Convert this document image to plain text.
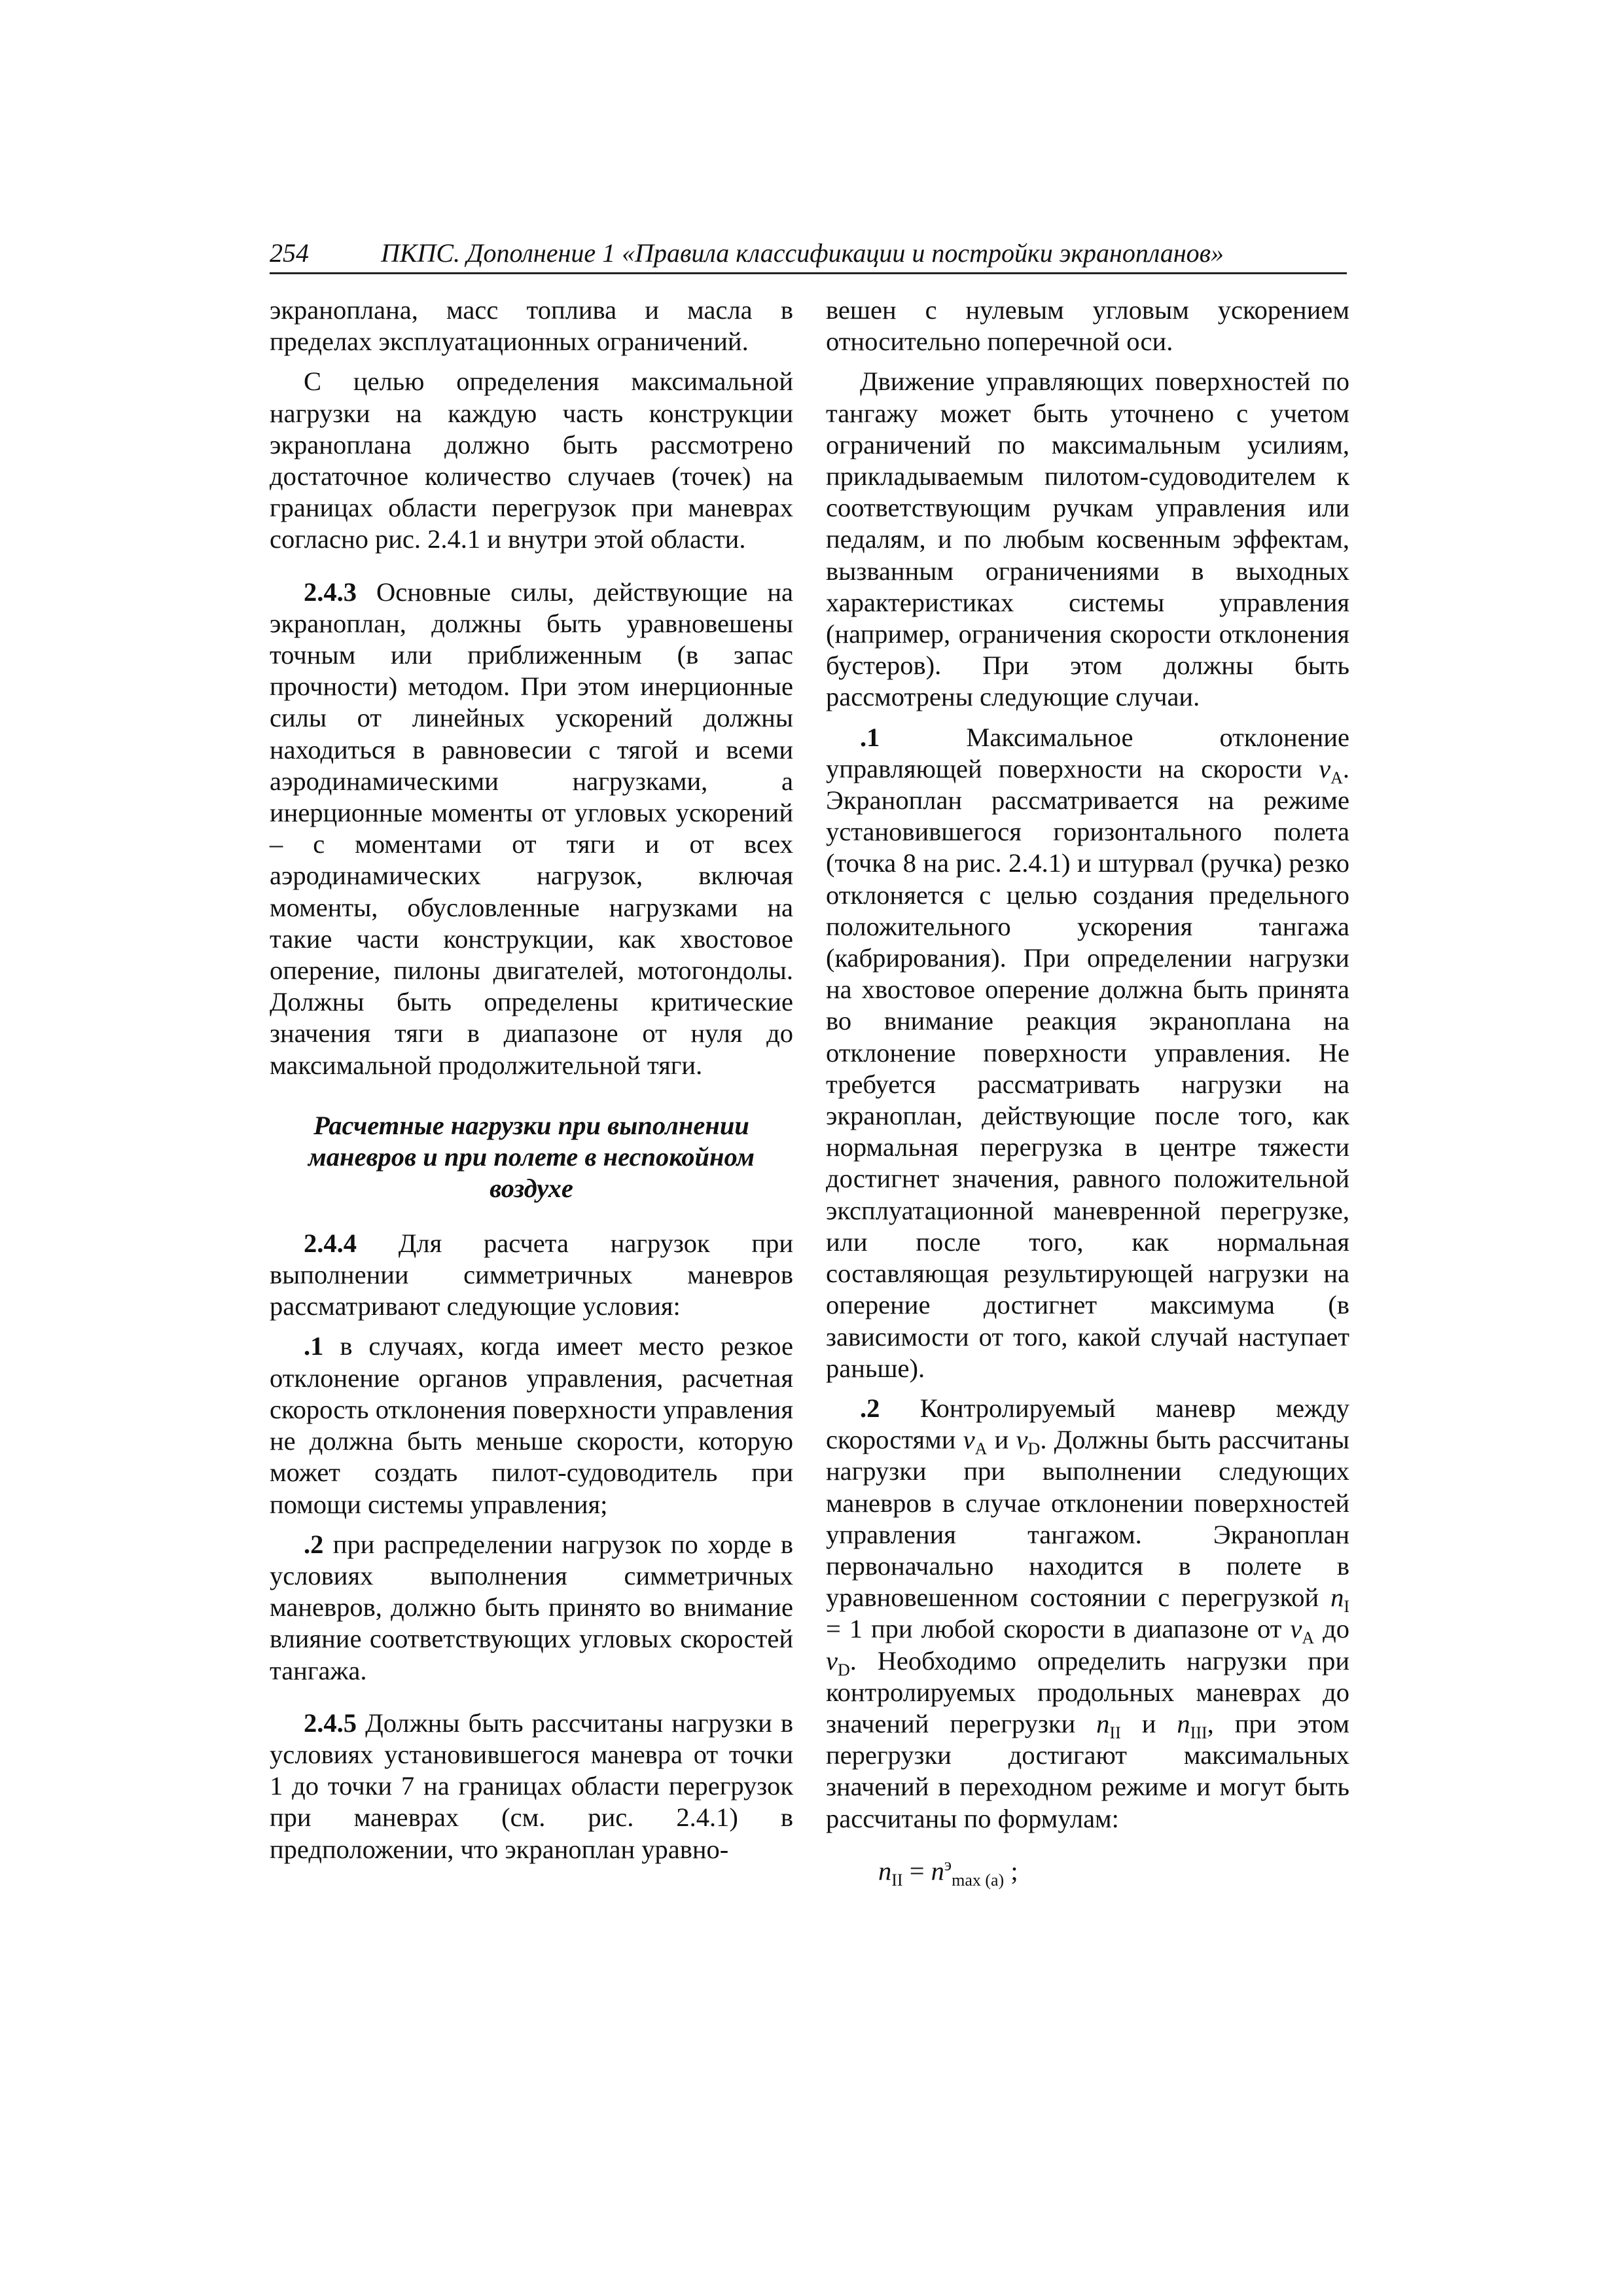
254	ПКПС. Дополнение 1 «Правила классификации и постройки экранопланов»

экраноплана, масс топлива и масла в пределах эксплуатационных ограничений.

С целью определения максимальной нагрузки на каждую часть конструкции экраноплана должно быть рассмотрено достаточное количество случаев (точек) на границах области перегрузок при маневрах согласно рис. 2.4.1 и внутри этой области.

2.4.3 Основные силы, действующие на экраноплан, должны быть уравновешены точным или приближенным (в запас прочности) методом. При этом инерционные силы от линейных ускорений должны находиться в равновесии с тягой и всеми аэродинамическими нагрузками, а инерционные моменты от угловых ускорений – с моментами от тяги и от всех аэродинамических нагрузок, включая моменты, обусловленные нагрузками на такие части конструкции, как хвостовое оперение, пилоны двигателей, мотогондолы. Должны быть определены критические значения тяги в диапазоне от нуля до максимальной продолжительной тяги.

Расчетные нагрузки при выполнении маневров и при полете в неспокойном воздухе

2.4.4 Для расчета нагрузок при выполнении симметричных маневров рассматривают следующие условия:

.1 в случаях, когда имеет место резкое отклонение органов управления, расчетная скорость отклонения поверхности управления не должна быть меньше скорости, которую может создать пилот-судоводитель при помощи системы управления;

.2 при распределении нагрузок по хорде в условиях выполнения симметричных маневров, должно быть принято во внимание влияние соответствующих угловых скоростей тангажа.

2.4.5 Должны быть рассчитаны нагрузки в условиях установившегося маневра от точки 1 до точки 7 на границах области перегрузок при маневрах (см. рис. 2.4.1) в предположении, что экраноплан уравно-

вешен с нулевым угловым ускорением относительно поперечной оси.

Движение управляющих поверхностей по тангажу может быть уточнено с учетом ограничений по максимальным усилиям, прикладываемым пилотом-судоводителем к соответствующим ручкам управления или педалям, и по любым косвенным эффектам, вызванным ограничениями в выходных характеристиках системы управления (например, ограничения скорости отклонения бустеров). При этом должны быть рассмотрены следующие случаи.

.1 Максимальное отклонение управляющей поверхности на скорости $v_A$. Экраноплан рассматривается на режиме установившегося горизонтального полета (точка 8 на рис. 2.4.1) и штурвал (ручка) резко отклоняется с целью создания предельного положительного ускорения тангажа (кабрирования). При определении нагрузки на хвостовое оперение должна быть принята во внимание реакция экраноплана на отклонение поверхности управления. Не требуется рассматривать нагрузки на экраноплан, действующие после того, как нормальная перегрузка в центре тяжести достигнет значения, равного положительной эксплуатационной маневренной перегрузке, или после того, как нормальная составляющая результирующей нагрузки на оперение достигнет максимума (в зависимости от того, какой случай наступает раньше).

.2 Контролируемый маневр между скоростями $v_A$ и $v_D$. Должны быть рассчитаны нагрузки при выполнении следующих маневров в случае отклонении поверхностей управления тангажом. Экраноплан первоначально находится в полете в уравновешенном состоянии с перегрузкой $n_I = 1$ при любой скорости в диапазоне от $v_A$ до $v_D$. Необходимо определить нагрузки при контролируемых продольных маневрах до значений перегрузки $n_{II}$ и $n_{III}$, при этом перегрузки достигают максимальных значений в переходном режиме и могут быть рассчитаны по формулам:

$n_{II} = n^э_{max (a)}$ ;
